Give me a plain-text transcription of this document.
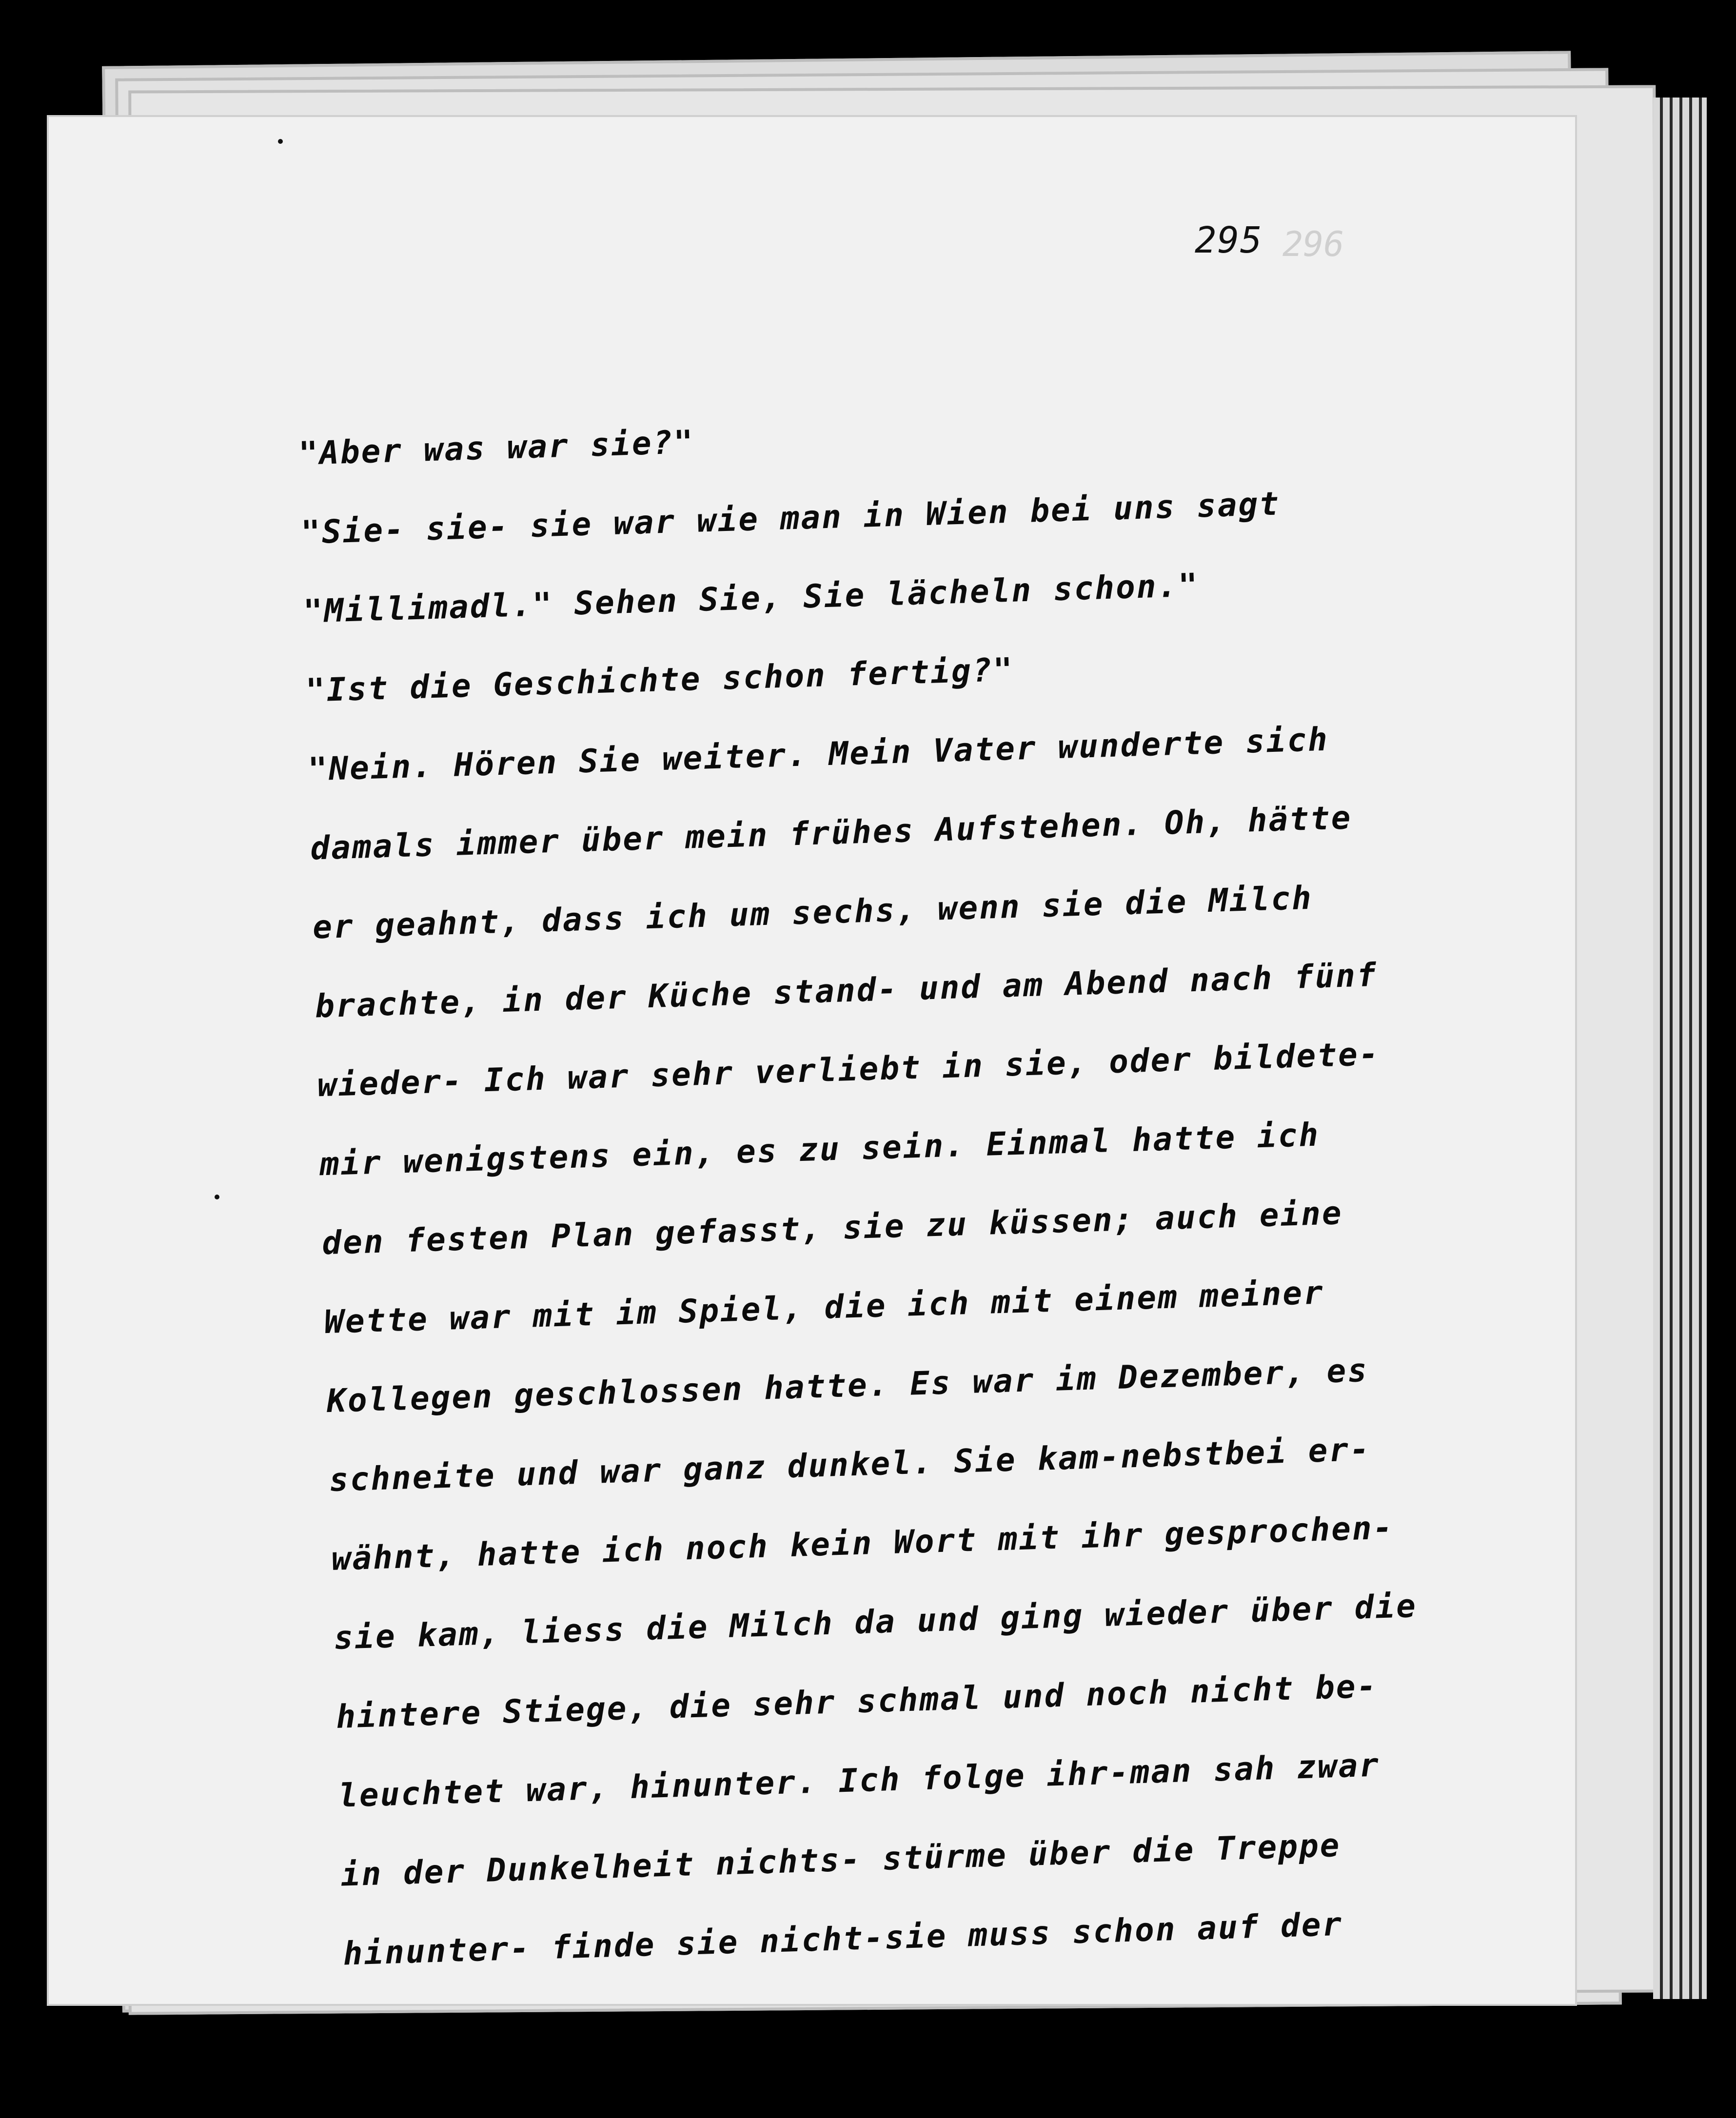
296
295
"Aber was war sie?"
"Sie- sie- sie war wie man in Wien bei uns sagt
"Millimadl." Sehen Sie, Sie lächeln schon."
"Ist die Geschichte schon fertig?"
"Nein. Hören Sie weiter. Mein Vater wunderte sich
damals immer über mein frühes Aufstehen. Oh, hätte
er geahnt, dass ich um sechs, wenn sie die Milch
brachte, in der Küche stand- und am Abend nach fünf
wieder- Ich war sehr verliebt in sie, oder bildete-
mir wenigstens ein, es zu sein. Einmal hatte ich
den festen Plan gefasst, sie zu küssen; auch eine
Wette war mit im Spiel, die ich mit einem meiner
Kollegen geschlossen hatte. Es war im Dezember, es
schneite und war ganz dunkel. Sie kam-nebstbei er-
wähnt, hatte ich noch kein Wort mit ihr gesprochen-
sie kam, liess die Milch da und ging wieder über die
hintere Stiege, die sehr schmal und noch nicht be-
leuchtet war, hinunter. Ich folge ihr-man sah zwar
in der Dunkelheit nichts- stürme über die Treppe
hinunter- finde sie nicht-sie muss schon auf der
